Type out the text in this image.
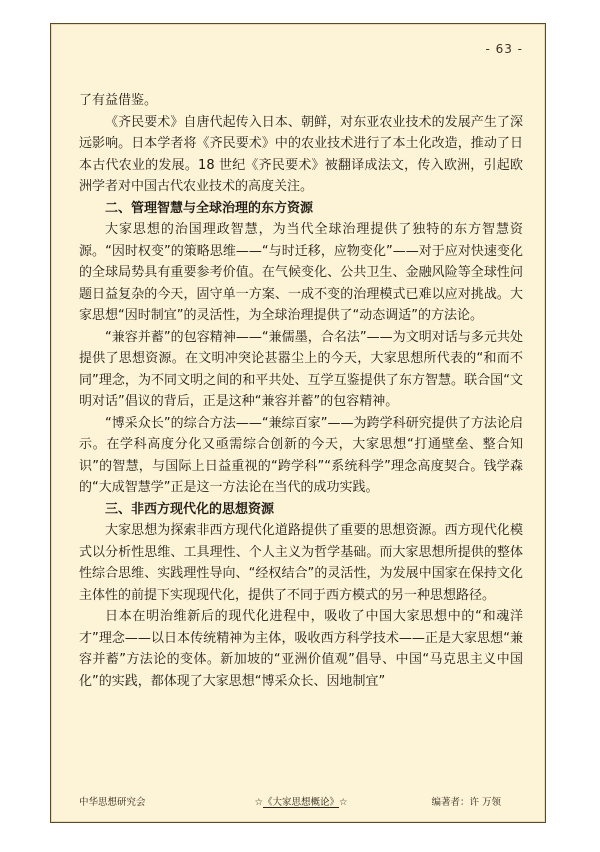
- 63 -

了有益借鉴。

《齐民要术》自唐代起传入日本、朝鲜，对东亚农业技术的发展产生了深远影响。日本学者将《齐民要术》中的农业技术进行了本土化改造，推动了日本古代农业的发展。18 世纪《齐民要术》被翻译成法文，传入欧洲，引起欧洲学者对中国古代农业技术的高度关注。

二、管理智慧与全球治理的东方资源

大家思想的治国理政智慧，为当代全球治理提供了独特的东方智慧资源。“因时权变”的策略思维——“与时迁移，应物变化”——对于应对快速变化的全球局势具有重要参考价值。在气候变化、公共卫生、金融风险等全球性问题日益复杂的今天，固守单一方案、一成不变的治理模式已难以应对挑战。大家思想“因时制宜”的灵活性，为全球治理提供了“动态调适”的方法论。

“兼容并蓄”的包容精神——“兼儒墨，合名法”——为文明对话与多元共处提供了思想资源。在文明冲突论甚嚣尘上的今天，大家思想所代表的“和而不同”理念，为不同文明之间的和平共处、互学互鉴提供了东方智慧。联合国“文明对话”倡议的背后，正是这种“兼容并蓄”的包容精神。

“博采众长”的综合方法——“兼综百家”——为跨学科研究提供了方法论启示。在学科高度分化又亟需综合创新的今天，大家思想“打通壁垒、整合知识”的智慧，与国际上日益重视的“跨学科”“系统科学”理念高度契合。钱学森的“大成智慧学”正是这一方法论在当代的成功实践。

三、非西方现代化的思想资源

大家思想为探索非西方现代化道路提供了重要的思想资源。西方现代化模式以分析性思维、工具理性、个人主义为哲学基础。而大家思想所提供的整体性综合思维、实践理性导向、“经权结合”的灵活性，为发展中国家在保持文化主体性的前提下实现现代化，提供了不同于西方模式的另一种思想路径。

日本在明治维新后的现代化进程中，吸收了中国大家思想中的“和魂洋才”理念——以日本传统精神为主体，吸收西方科学技术——正是大家思想“兼容并蓄”方法论的变体。新加坡的“亚洲价值观”倡导、中国“马克思主义中国化”的实践，都体现了大家思想“博采众长、因地制宜”

中华思想研究会	☆《大家思想概论》☆	编著者：许 万领
